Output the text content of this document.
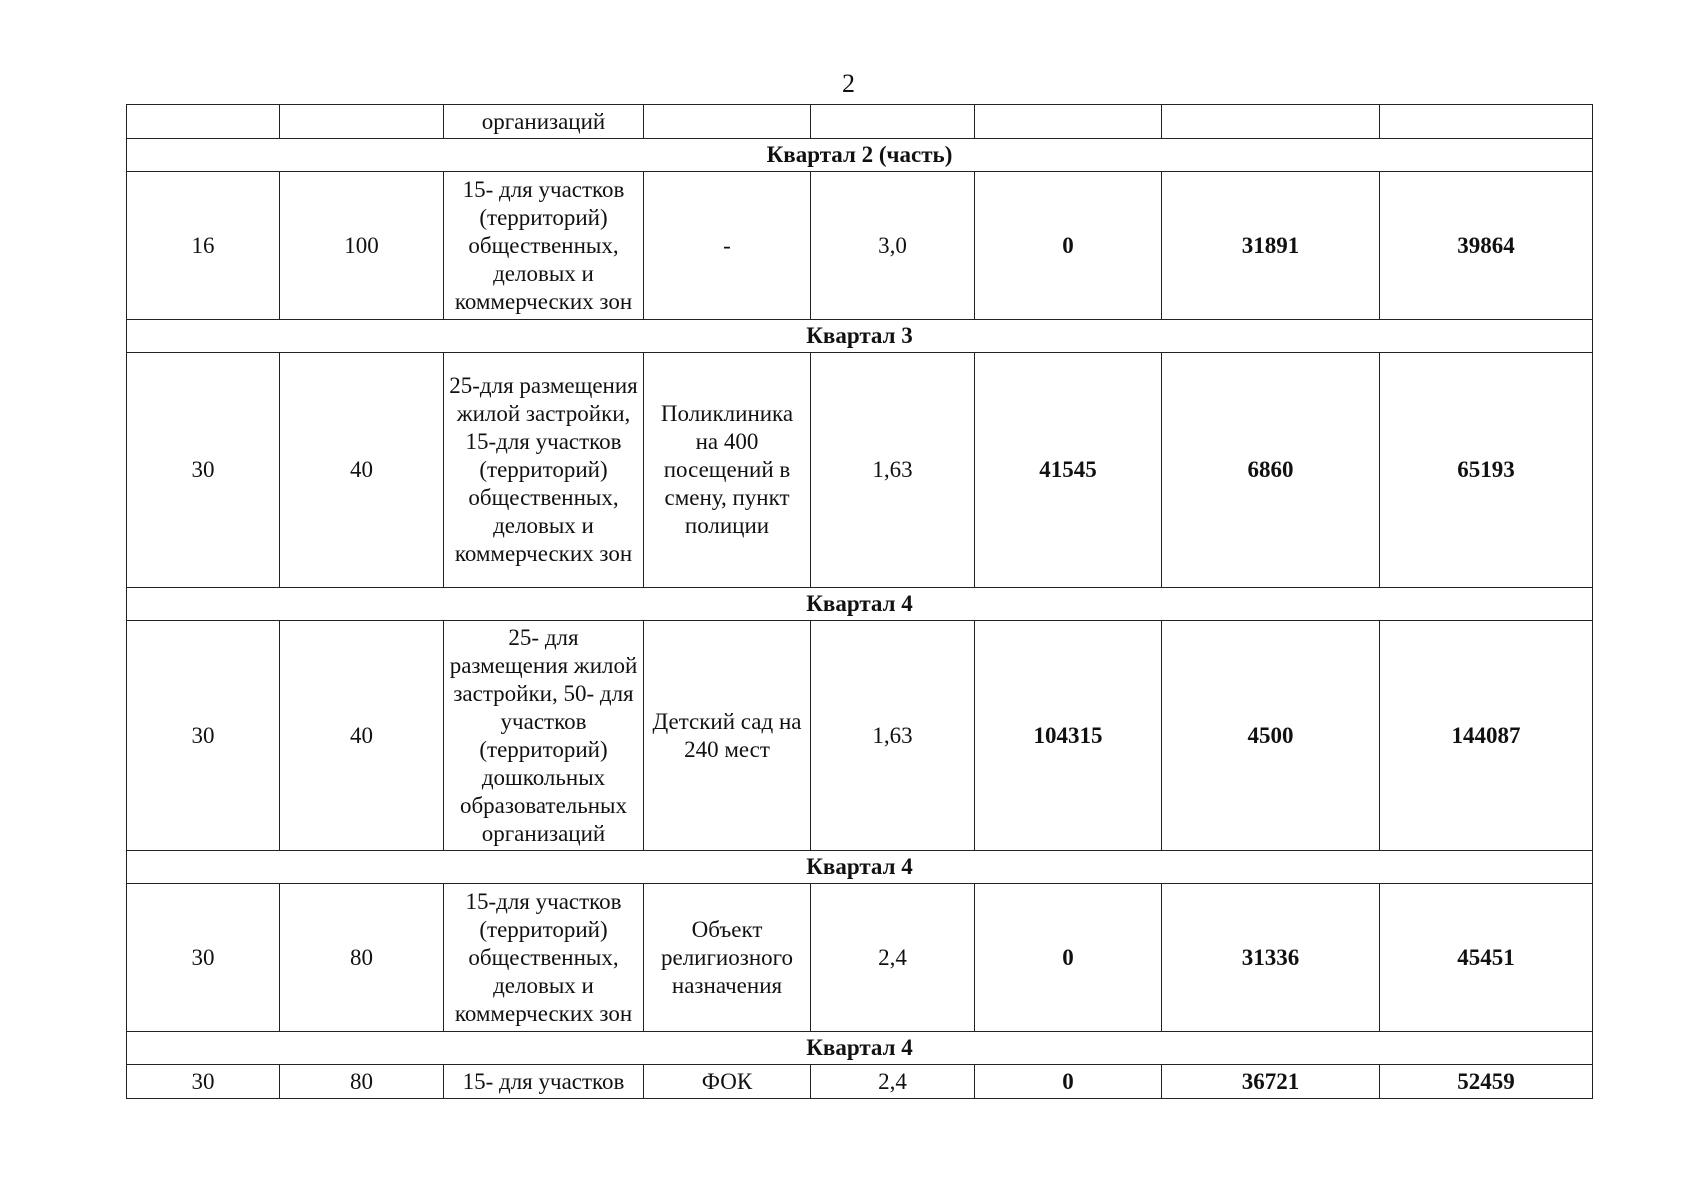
2
		организаций					
Квартал 2 (часть)							
16	100	15- для участков (территорий) общественных, деловых и коммерческих зон	-	3,0	0	31891	39864
Квартал 3							
30	40	25-для размещения жилой застройки, 15-для участков (территорий) общественных, деловых и коммерческих зон	Поликлиника на 400 посещений в смену, пункт полиции	1,63	41545	6860	65193
Квартал 4							
30	40	25- для размещения жилой застройки, 50- для участков (территорий) дошкольных образовательных организаций	Детский сад на 240 мест	1,63	104315	4500	144087
Квартал 4							
30	80	15-для участков (территорий) общественных, деловых и коммерческих зон	Объект религиозного назначения	2,4	0	31336	45451
Квартал 4							
30	80	15- для участков	ФОК	2,4	0	36721	52459
